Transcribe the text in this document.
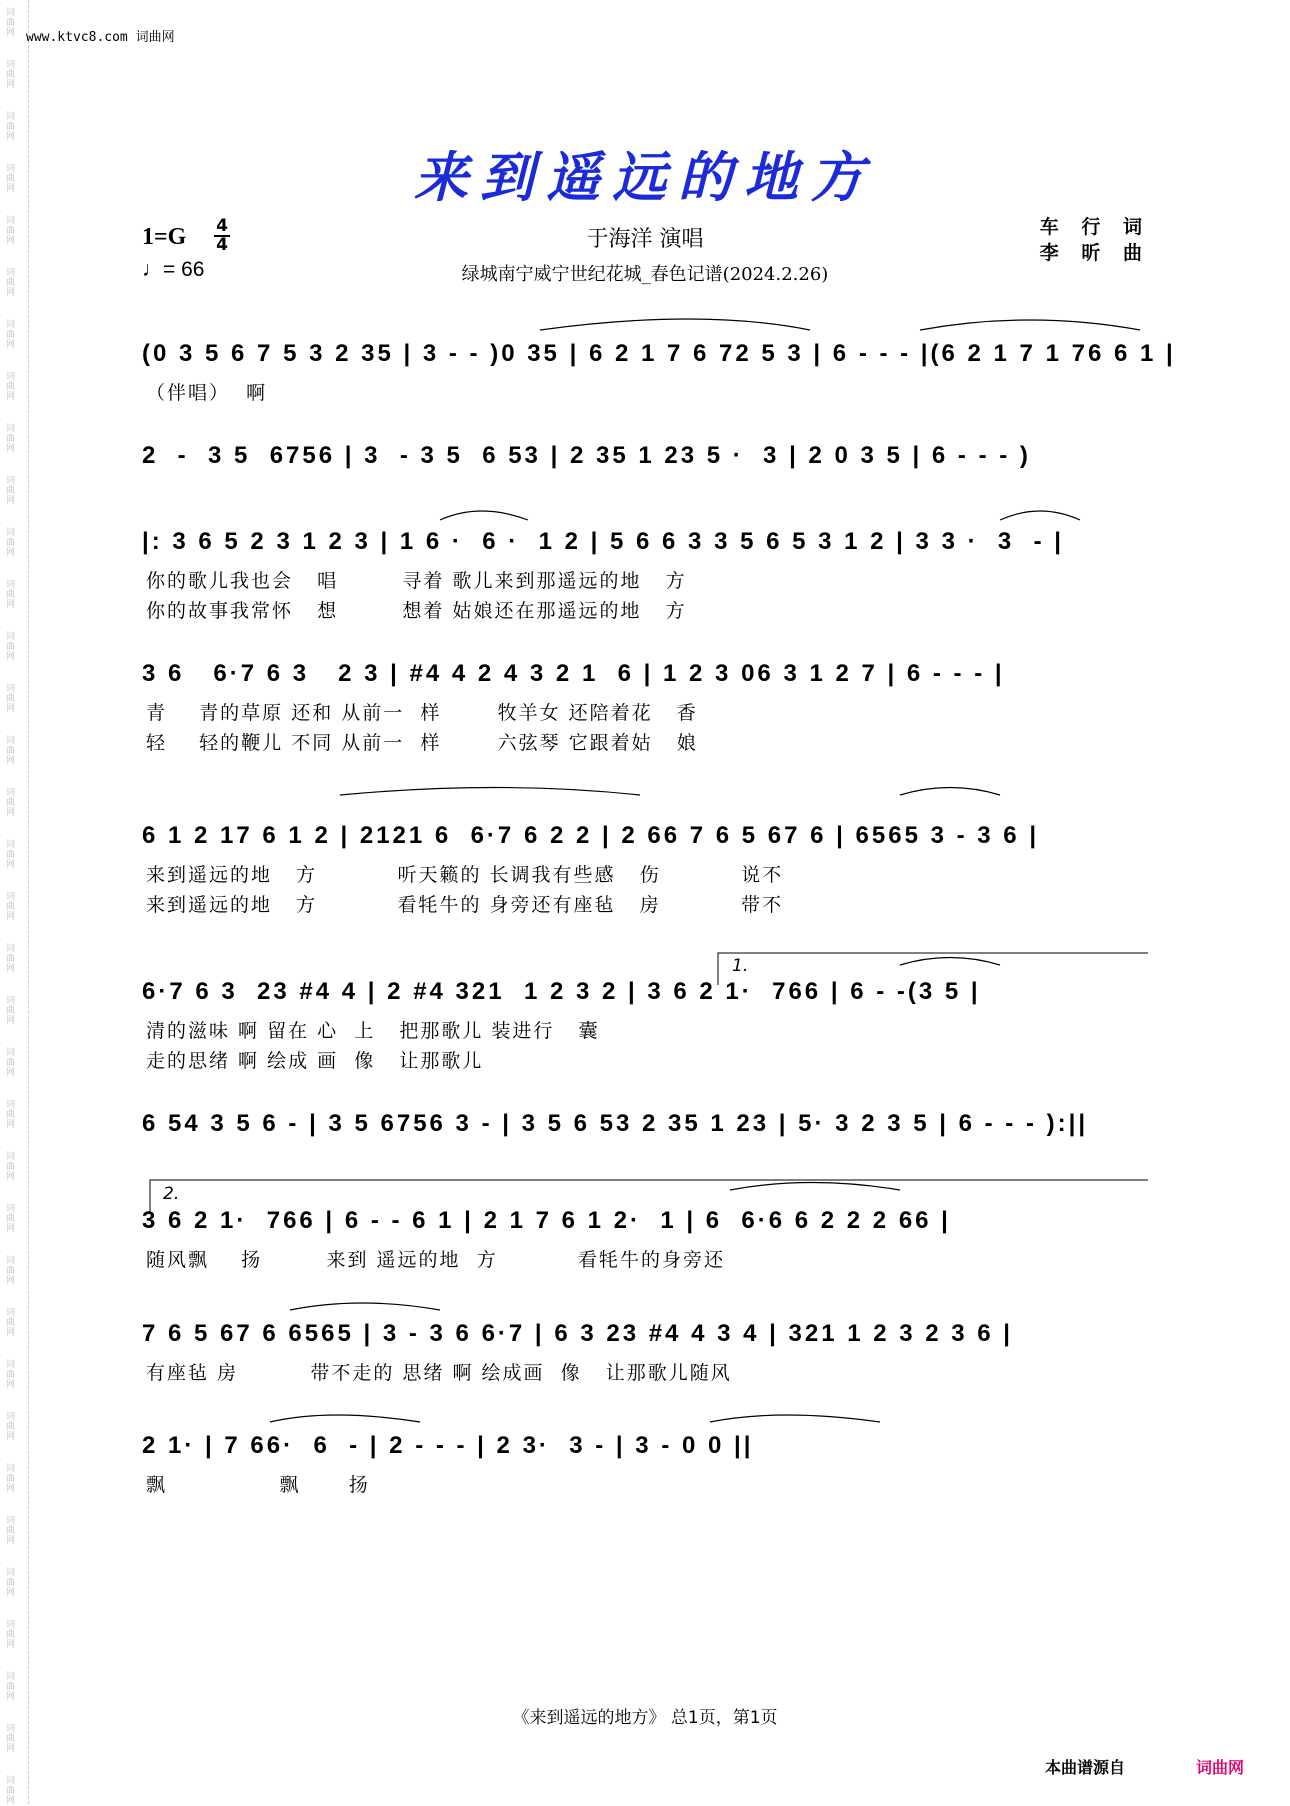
词曲网
词曲网
词曲网
词曲网
词曲网
词曲网
词曲网
词曲网
词曲网
词曲网
词曲网
词曲网
词曲网
词曲网
词曲网
词曲网
词曲网
词曲网
词曲网
词曲网
词曲网
词曲网
词曲网
词曲网
词曲网
词曲网
词曲网
词曲网
词曲网
词曲网
词曲网
词曲网
词曲网
词曲网
词曲网
www.ktvc8.com 词曲网
来到遥远的地方
1=G 4
4
♩= 66
于海洋 演唱
绿城南宁威宁世纪花城_春色记谱(2024.2.26)
车 行 词
李 昕 曲
(0 3 5 6 7 5 3 2 35 | 3 - - )0 35 | 6 2 1 7 6 72 5 3 | 6 - - - |(6 2 1 7 1 76 6 1 |
（伴唱）  啊
2  -  3 5  6756 | 3  - 3 5  6 53 | 2 35 1 23 5 ·  3 | 2 0 3 5 | 6 - - - )
|: 3 6 5 2 3 1 2 3 | 1 6 ·  6 ·  1 2 | 5 6 6 3 3 5 6 5 3 1 2 | 3 3 ·  3  - |
你的歌儿我也会   唱        寻着 歌儿来到那遥远的地   方
你的故事我常怀   想        想着 姑娘还在那遥远的地   方
3 6   6·7 6 3   2 3 | #4 4 2 4 3 2 1  6 | 1 2 3 06 3 1 2 7 | 6 - - - |
青    青的草原 还和 从前一  样       牧羊女 还陪着花   香
轻    轻的鞭儿 不同 从前一  样       六弦琴 它跟着姑   娘
6 1 2 17 6 1 2 | 2121 6  6·7 6 2 2 | 2 66 7 6 5 67 6 | 6565 3 - 3 6 |
来到遥远的地   方          听天籁的 长调我有些感   伤          说不
来到遥远的地   方          看牦牛的 身旁还有座毡   房          带不
6·7 6 3  23 #4 4 | 2 #4 321  1 2 3 2 | 3 6 2 1·  766 | 6 - -(3 5 |
清的滋味 啊 留在 心  上   把那歌儿 装进行   囊
走的思绪 啊 绘成 画  像   让那歌儿
6 54 3 5 6 - | 3 5 6756 3 - | 3 5 6 53 2 35 1 23 | 5· 3 2 3 5 | 6 - - - ):||
3 6 2 1·  766 | 6 - - 6 1 | 2 1 7 6 1 2·  1 | 6  6·6 6 2 2 2 66 |
随风飘    扬        来到 遥远的地  方          看牦牛的身旁还
7 6 5 67 6 6565 | 3 - 3 6 6·7 | 6 3 23 #4 4 3 4 | 321 1 2 3 2 3 6 |
有座毡 房         带不走的 思绪 啊 绘成画  像   让那歌儿随风
2 1· | 7 66·  6  - | 2 - - - | 2 3·  3 - | 3 - 0 0 ||
飘              飘      扬
1.
2.
《来到遥远的地方》 总1页，第1页
本曲谱源自	词曲网
